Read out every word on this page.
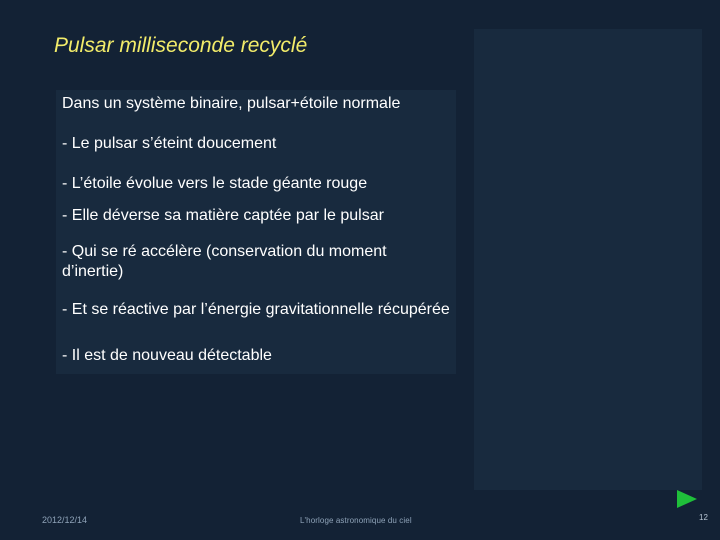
Pulsar milliseconde recyclé

Dans un système binaire, pulsar+étoile normale

- Le pulsar s’éteint doucement

- L’étoile évolue vers le stade géante rouge

- Elle déverse sa matière captée par le pulsar

- Qui se ré accélère (conservation du moment d’inertie)

- Et se réactive par l’énergie gravitationnelle récupérée

- Il est de nouveau détectable

2012/12/14	L'horloge astronomique du ciel	12
